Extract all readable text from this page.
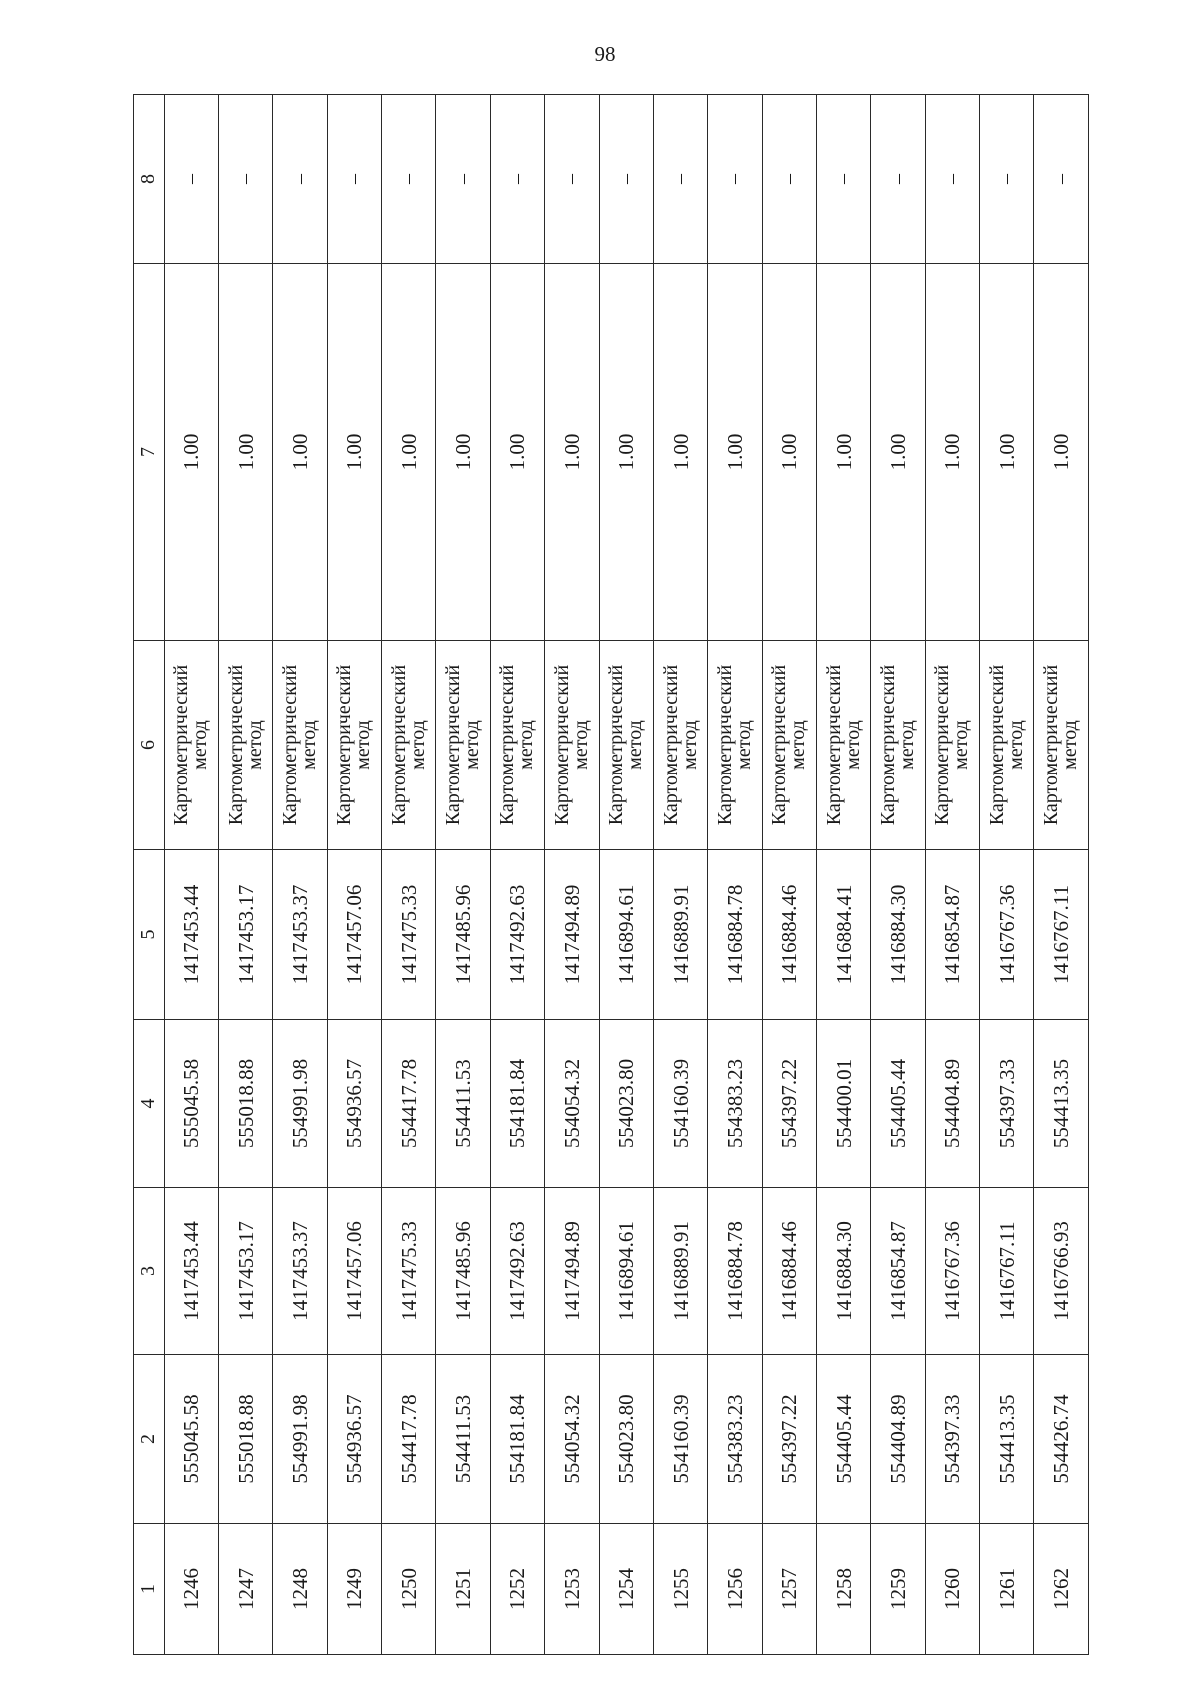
98
1	2	3	4	5	6	7	8
1246	555045.58	1417453.44	555045.58	1417453.44	Картометрический
метод	1.00	–
1247	555018.88	1417453.17	555018.88	1417453.17	Картометрический
метод	1.00	–
1248	554991.98	1417453.37	554991.98	1417453.37	Картометрический
метод	1.00	–
1249	554936.57	1417457.06	554936.57	1417457.06	Картометрический
метод	1.00	–
1250	554417.78	1417475.33	554417.78	1417475.33	Картометрический
метод	1.00	–
1251	554411.53	1417485.96	554411.53	1417485.96	Картометрический
метод	1.00	–
1252	554181.84	1417492.63	554181.84	1417492.63	Картометрический
метод	1.00	–
1253	554054.32	1417494.89	554054.32	1417494.89	Картометрический
метод	1.00	–
1254	554023.80	1416894.61	554023.80	1416894.61	Картометрический
метод	1.00	–
1255	554160.39	1416889.91	554160.39	1416889.91	Картометрический
метод	1.00	–
1256	554383.23	1416884.78	554383.23	1416884.78	Картометрический
метод	1.00	–
1257	554397.22	1416884.46	554397.22	1416884.46	Картометрический
метод	1.00	–
1258	554405.44	1416884.30	554400.01	1416884.41	Картометрический
метод	1.00	–
1259	554404.89	1416854.87	554405.44	1416884.30	Картометрический
метод	1.00	–
1260	554397.33	1416767.36	554404.89	1416854.87	Картометрический
метод	1.00	–
1261	554413.35	1416767.11	554397.33	1416767.36	Картометрический
метод	1.00	–
1262	554426.74	1416766.93	554413.35	1416767.11	Картометрический
метод	1.00	–
